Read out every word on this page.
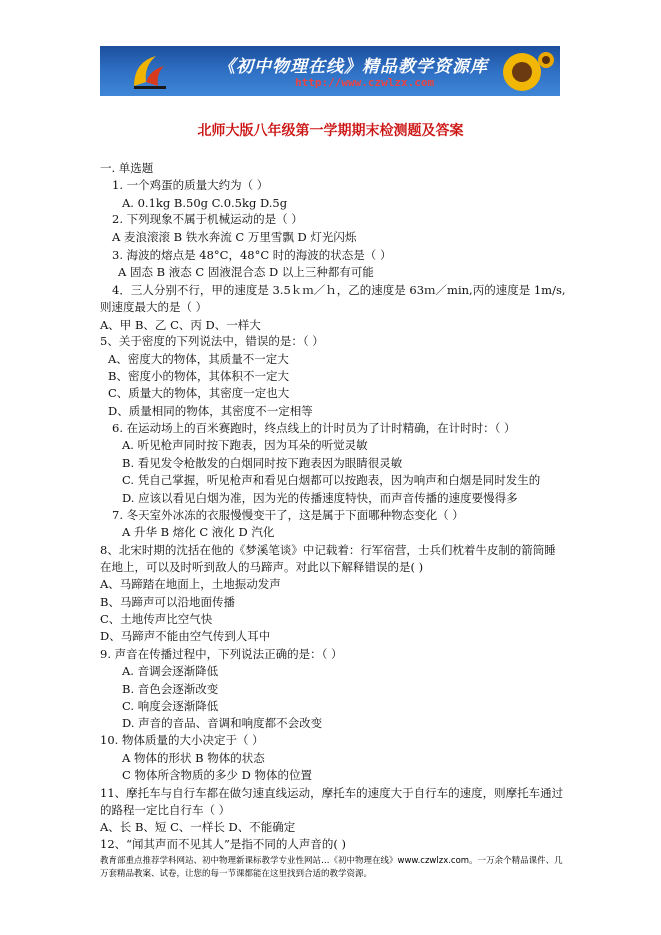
《初中物理在线》精品教学资源库
http://www.czwlzx.com
北师大版八年级第一学期期末检测题及答案
一. 单选题
1. 一个鸡蛋的质量大约为（ ）
A. 0.1kg B.50g C.0.5kg D.5g
2. 下列现象不属于机械运动的是（ ）
A 麦浪滚滚 B 铁水奔流 C 万里雪飘 D 灯光闪烁
3. 海波的熔点是 48°C，48°C 时的海波的状态是（ ）
A 固态 B 液态 C 固液混合态 D 以上三种都有可能
4．三人分别不行，甲的速度是 3.5ｋｍ／ｈ，乙的速度是 63ｍ／min,丙的速度是 1m/s,
则速度最大的是（ ）
A、甲 B、乙 C、丙 D、一样大
5、关于密度的下列说法中，错误的是：（ ）
A、密度大的物体，其质量不一定大
B、密度小的物体，其体积不一定大
C、质量大的物体，其密度一定也大
D、质量相同的物体，其密度不一定相等
6. 在运动场上的百米赛跑时，终点线上的计时员为了计时精确，在计时时：（ ）
A. 听见枪声同时按下跑表，因为耳朵的听觉灵敏
B. 看见发令枪散发的白烟同时按下跑表因为眼睛很灵敏
C. 凭自己掌握，听见枪声和看见白烟都可以按跑表，因为响声和白烟是同时发生的
D. 应该以看见白烟为准，因为光的传播速度特快，而声音传播的速度要慢得多
7. 冬天室外冰冻的衣服慢慢变干了，这是属于下面哪种物态变化（ ）
A 升华 B 熔化 C 液化 D 汽化
8、北宋时期的沈括在他的《梦溪笔谈》中记载着：行军宿营，士兵们枕着牛皮制的箭筒睡
在地上，可以及时听到敌人的马蹄声。对此以下解释错误的是( )
A、马蹄踏在地面上，土地振动发声
B、马蹄声可以沿地面传播
C、土地传声比空气快
D、马蹄声不能由空气传到人耳中
9. 声音在传播过程中，下列说法正确的是：（ ）
A. 音调会逐渐降低
B. 音色会逐渐改变
C. 响度会逐渐降低
D. 声音的音品、音调和响度都不会改变
10. 物体质量的大小决定于（ ）
A 物体的形状 B 物体的状态
C 物体所含物质的多少 D 物体的位置
11、摩托车与自行车都在做匀速直线运动，摩托车的速度大于自行车的速度，则摩托车通过
的路程一定比自行车（ ）
A、长 B、短 C、一样长 D、不能确定
12、“闻其声而不见其人”是指不同的人声音的( )
教育部重点推荐学科网站、初中物理新课标教学专业性网站…《初中物理在线》www.czwlzx.com。一万余个精品课件、几万套精品教案、试卷，让您的每一节课都能在这里找到合适的教学资源。
